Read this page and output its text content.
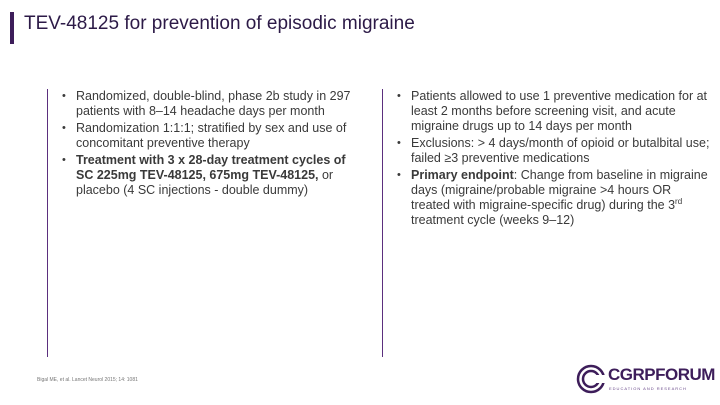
TEV-48125 for prevention of episodic migraine
• Randomized, double-blind, phase 2b study in 297 patients with 8–14 headache days per month
• Randomization 1:1:1; stratified by sex and use of concomitant preventive therapy
• Treatment with 3 x 28-day treatment cycles of SC 225mg TEV-48125, 675mg TEV-48125, or placebo (4 SC injections - double dummy)
• Patients allowed to use 1 preventive medication for at least 2 months before screening visit, and acute migraine drugs up to 14 days per month
• Exclusions: > 4 days/month of opioid or butalbital use; failed ≥3 preventive medications
• Primary endpoint: Change from baseline in migraine days (migraine/probable migraine >4 hours OR treated with migraine-specific drug) during the 3rd treatment cycle (weeks 9–12)
Bigal ME, et al. Lancet Neurol 2015; 14: 1081	CGRPFORUM
EDUCATION AND RESEARCH
